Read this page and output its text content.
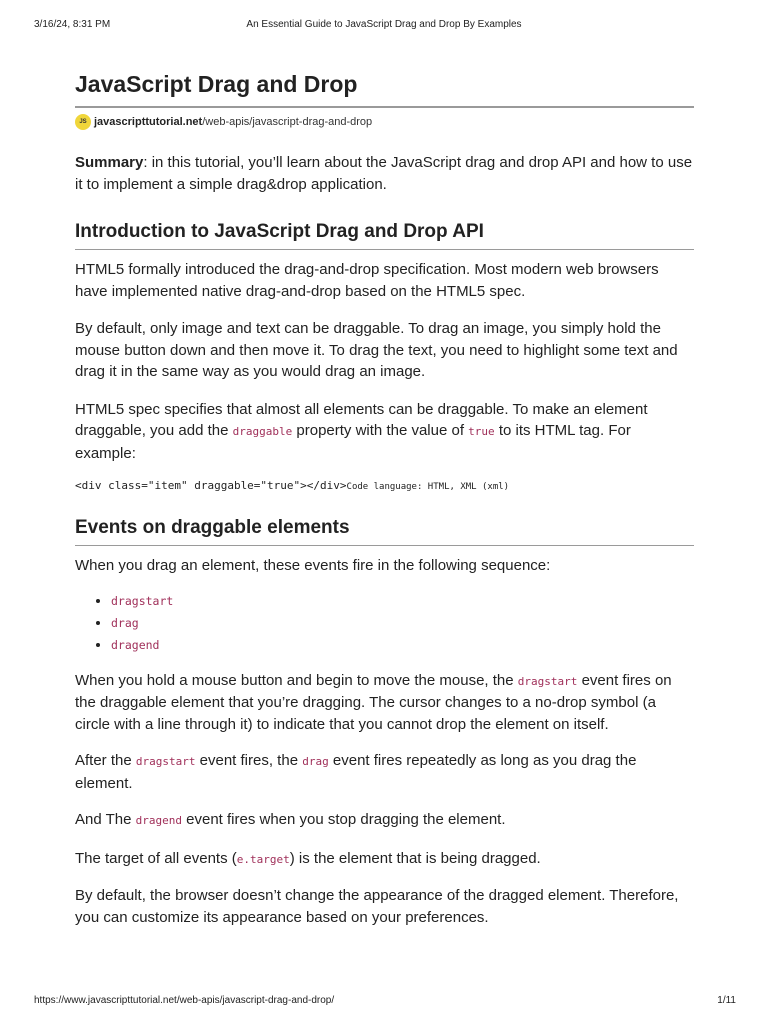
3/16/24, 8:31 PM	An Essential Guide to JavaScript Drag and Drop By Examples
JavaScript Drag and Drop
JS javascripttutorial.net /web-apis/javascript-drag-and-drop

Summary: in this tutorial, you’ll learn about the JavaScript drag and drop API and how to use it to implement a simple drag&drop application.

Introduction to JavaScript Drag and Drop API

HTML5 formally introduced the drag-and-drop specification. Most modern web browsers have implemented native drag-and-drop based on the HTML5 spec.

By default, only image and text can be draggable. To drag an image, you simply hold the mouse button down and then move it. To drag the text, you need to highlight some text and drag it in the same way as you would drag an image.

HTML5 spec specifies that almost all elements can be draggable. To make an element draggable, you add the draggable property with the value of true to its HTML tag. For example:

<div class="item" draggable="true"></div>Code language: HTML, XML (xml)
Events on draggable elements

When you drag an element, these events fire in the following sequence:

• dragstart
• drag
• dragend

When you hold a mouse button and begin to move the mouse, the dragstart event fires on the draggable element that you’re dragging. The cursor changes to a no-drop symbol (a circle with a line through it) to indicate that you cannot drop the element on itself.

After the dragstart event fires, the drag event fires repeatedly as long as you drag the element.

And The dragend event fires when you stop dragging the element.

The target of all events (e.target) is the element that is being dragged.

By default, the browser doesn’t change the appearance of the dragged element. Therefore, you can customize its appearance based on your preferences.

https://www.javascripttutorial.net/web-apis/javascript-drag-and-drop/	1/11
